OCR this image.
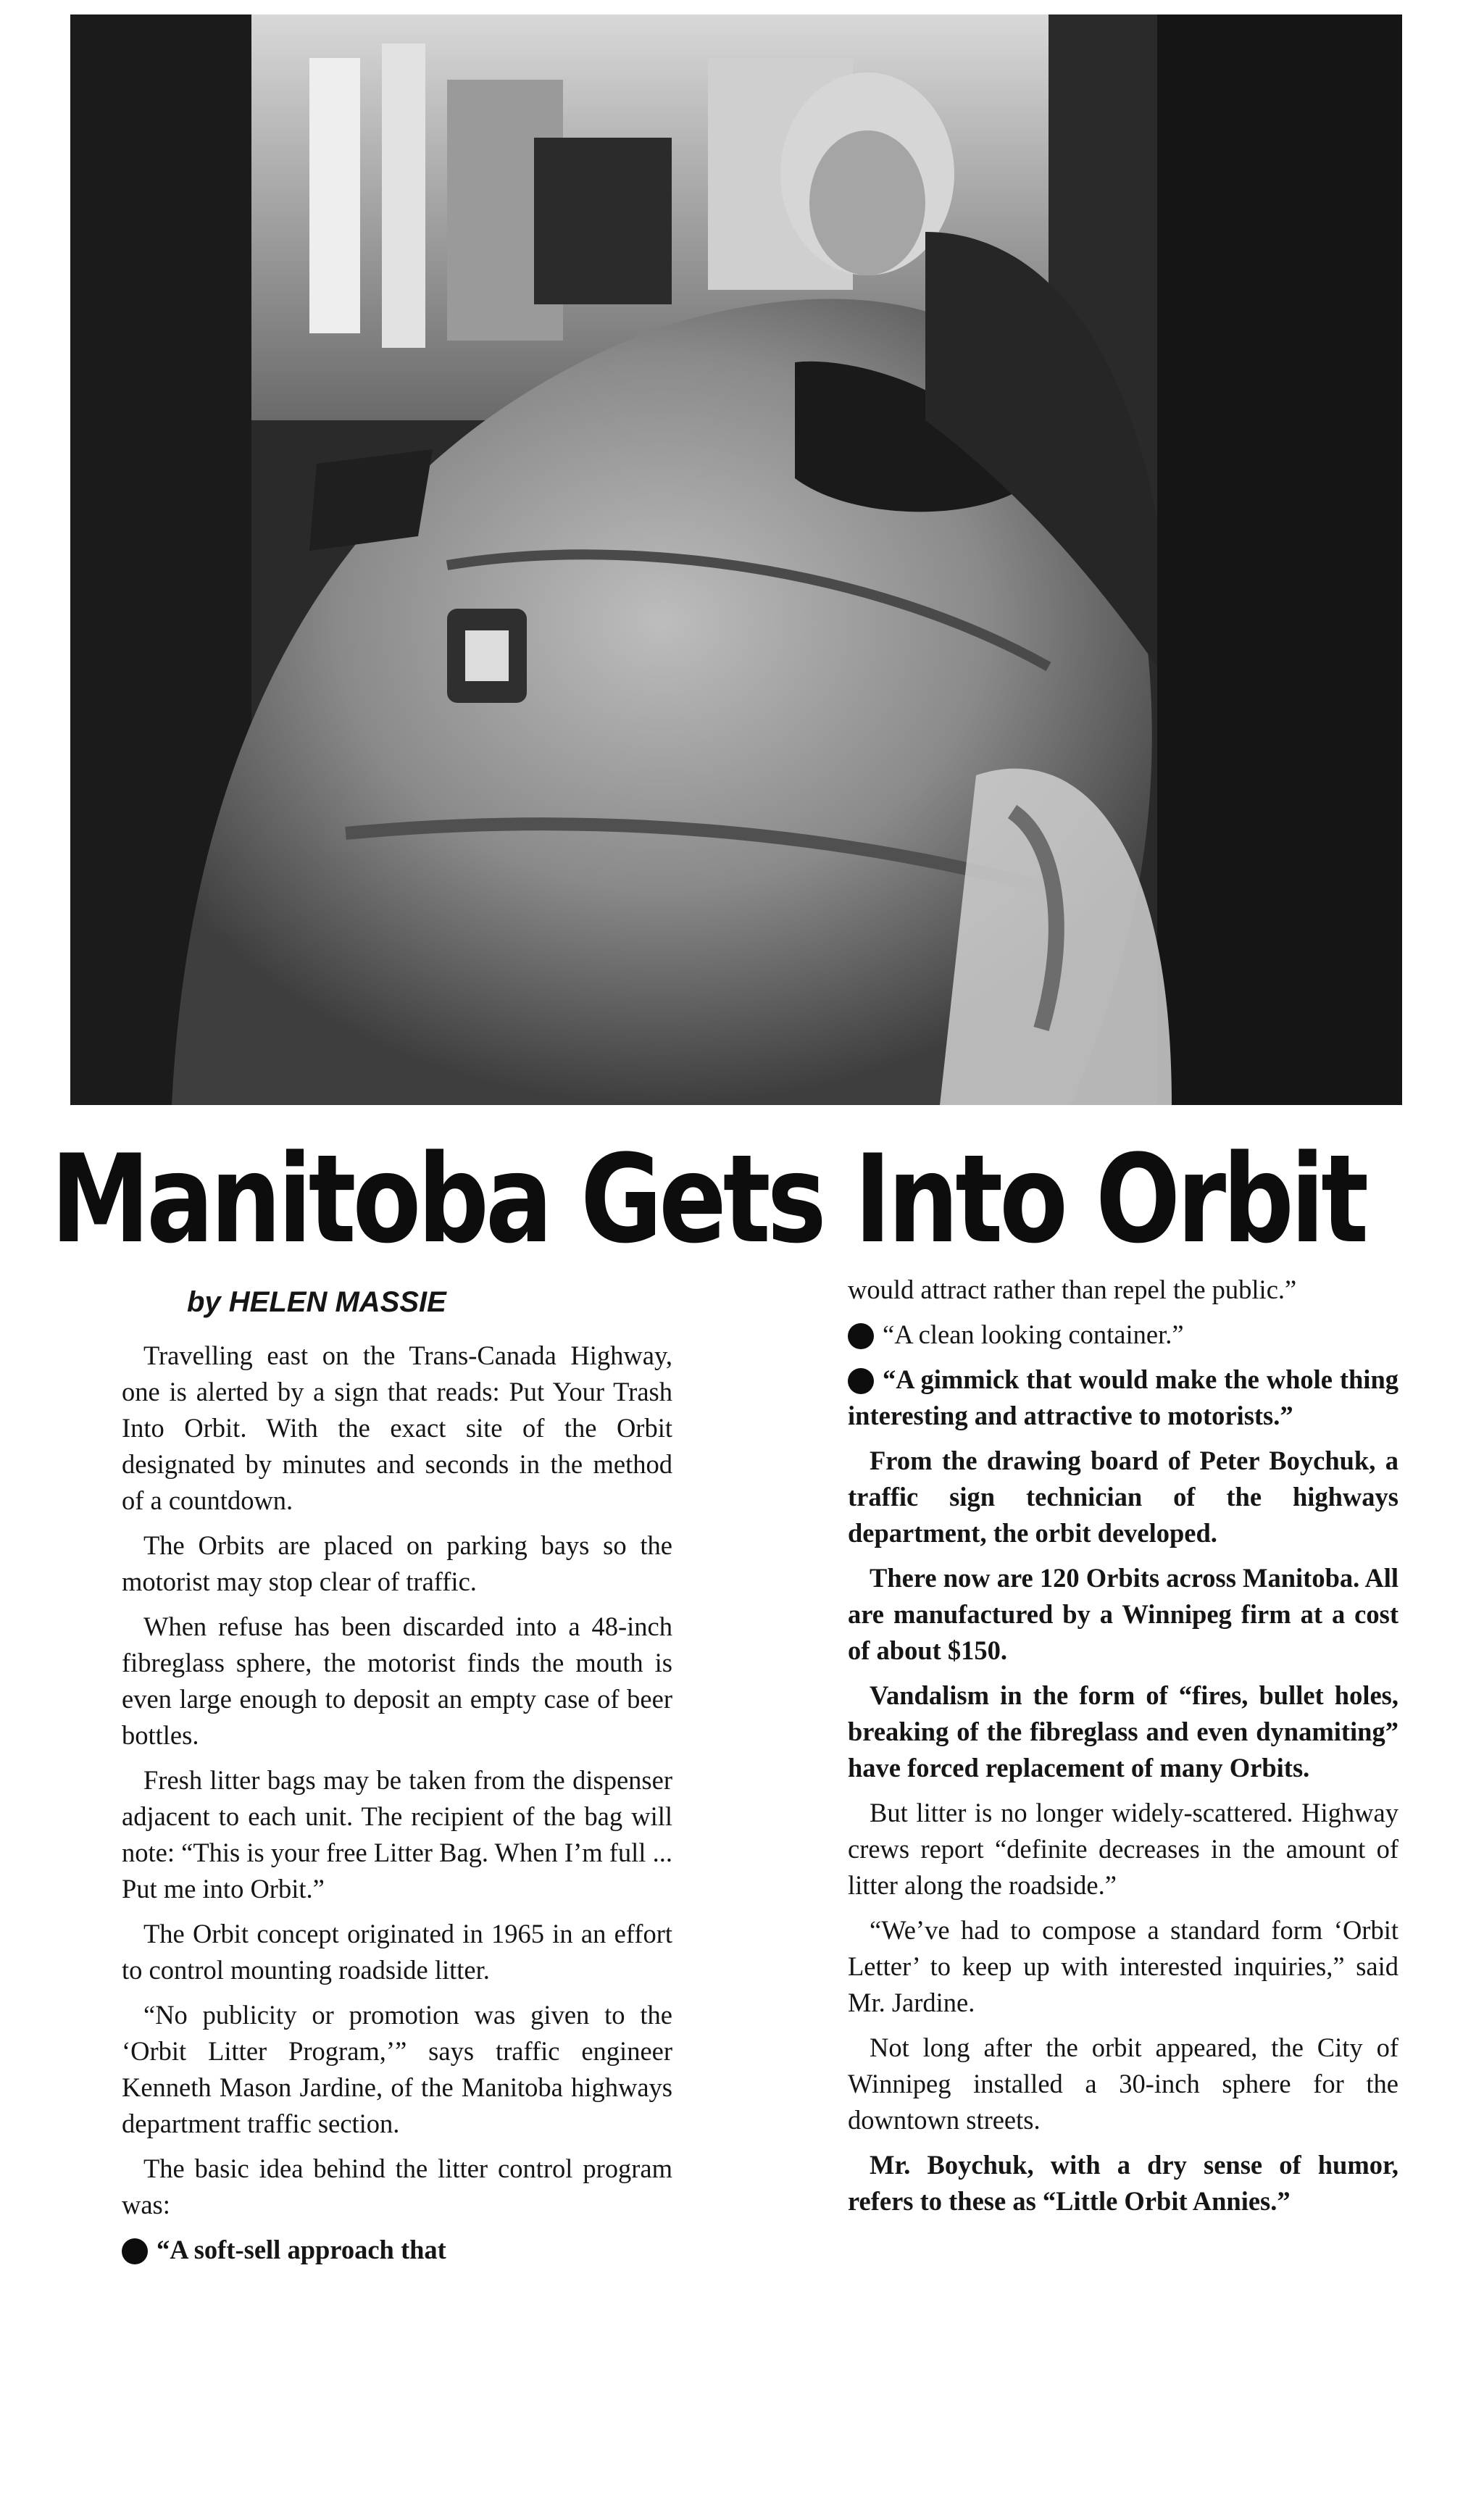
Manitoba Gets Into Orbit
by HELEN MASSIE

Travelling east on the Trans-Canada Highway, one is alerted by a sign that reads: Put Your Trash Into Orbit. With the exact site of the Orbit designated by minutes and seconds in the method of a countdown.

The Orbits are placed on parking bays so the motorist may stop clear of traffic.

When refuse has been discarded into a 48-inch fibreglass sphere, the motorist finds the mouth is even large enough to deposit an empty case of beer bottles.

Fresh litter bags may be taken from the dispenser adjacent to each unit. The recipient of the bag will note: “This is your free Litter Bag. When I’m full ... Put me into Orbit.”

The Orbit concept originated in 1965 in an effort to control mounting roadside litter.

“No publicity or promotion was given to the ‘Orbit Litter Program,’” says traffic engineer Kenneth Mason Jardine, of the Manitoba highways department traffic section.

The basic idea behind the litter control program was:

“A soft-sell approach that

would attract rather than repel the public.”

“A clean looking container.”

“A gimmick that would make the whole thing interesting and attractive to motorists.”

From the drawing board of Peter Boychuk, a traffic sign technician of the highways department, the orbit developed.

There now are 120 Orbits across Manitoba. All are manufactured by a Winnipeg firm at a cost of about $150.

Vandalism in the form of “fires, bullet holes, breaking of the fibreglass and even dynamiting” have forced replacement of many Orbits.

But litter is no longer widely-scattered. Highway crews report “definite decreases in the amount of litter along the roadside.”

“We’ve had to compose a standard form ‘Orbit Letter’ to keep up with interested inquiries,” said Mr. Jardine.

Not long after the orbit appeared, the City of Winnipeg installed a 30-inch sphere for the downtown streets.

Mr. Boychuk, with a dry sense of humor, refers to these as “Little Orbit Annies.”
